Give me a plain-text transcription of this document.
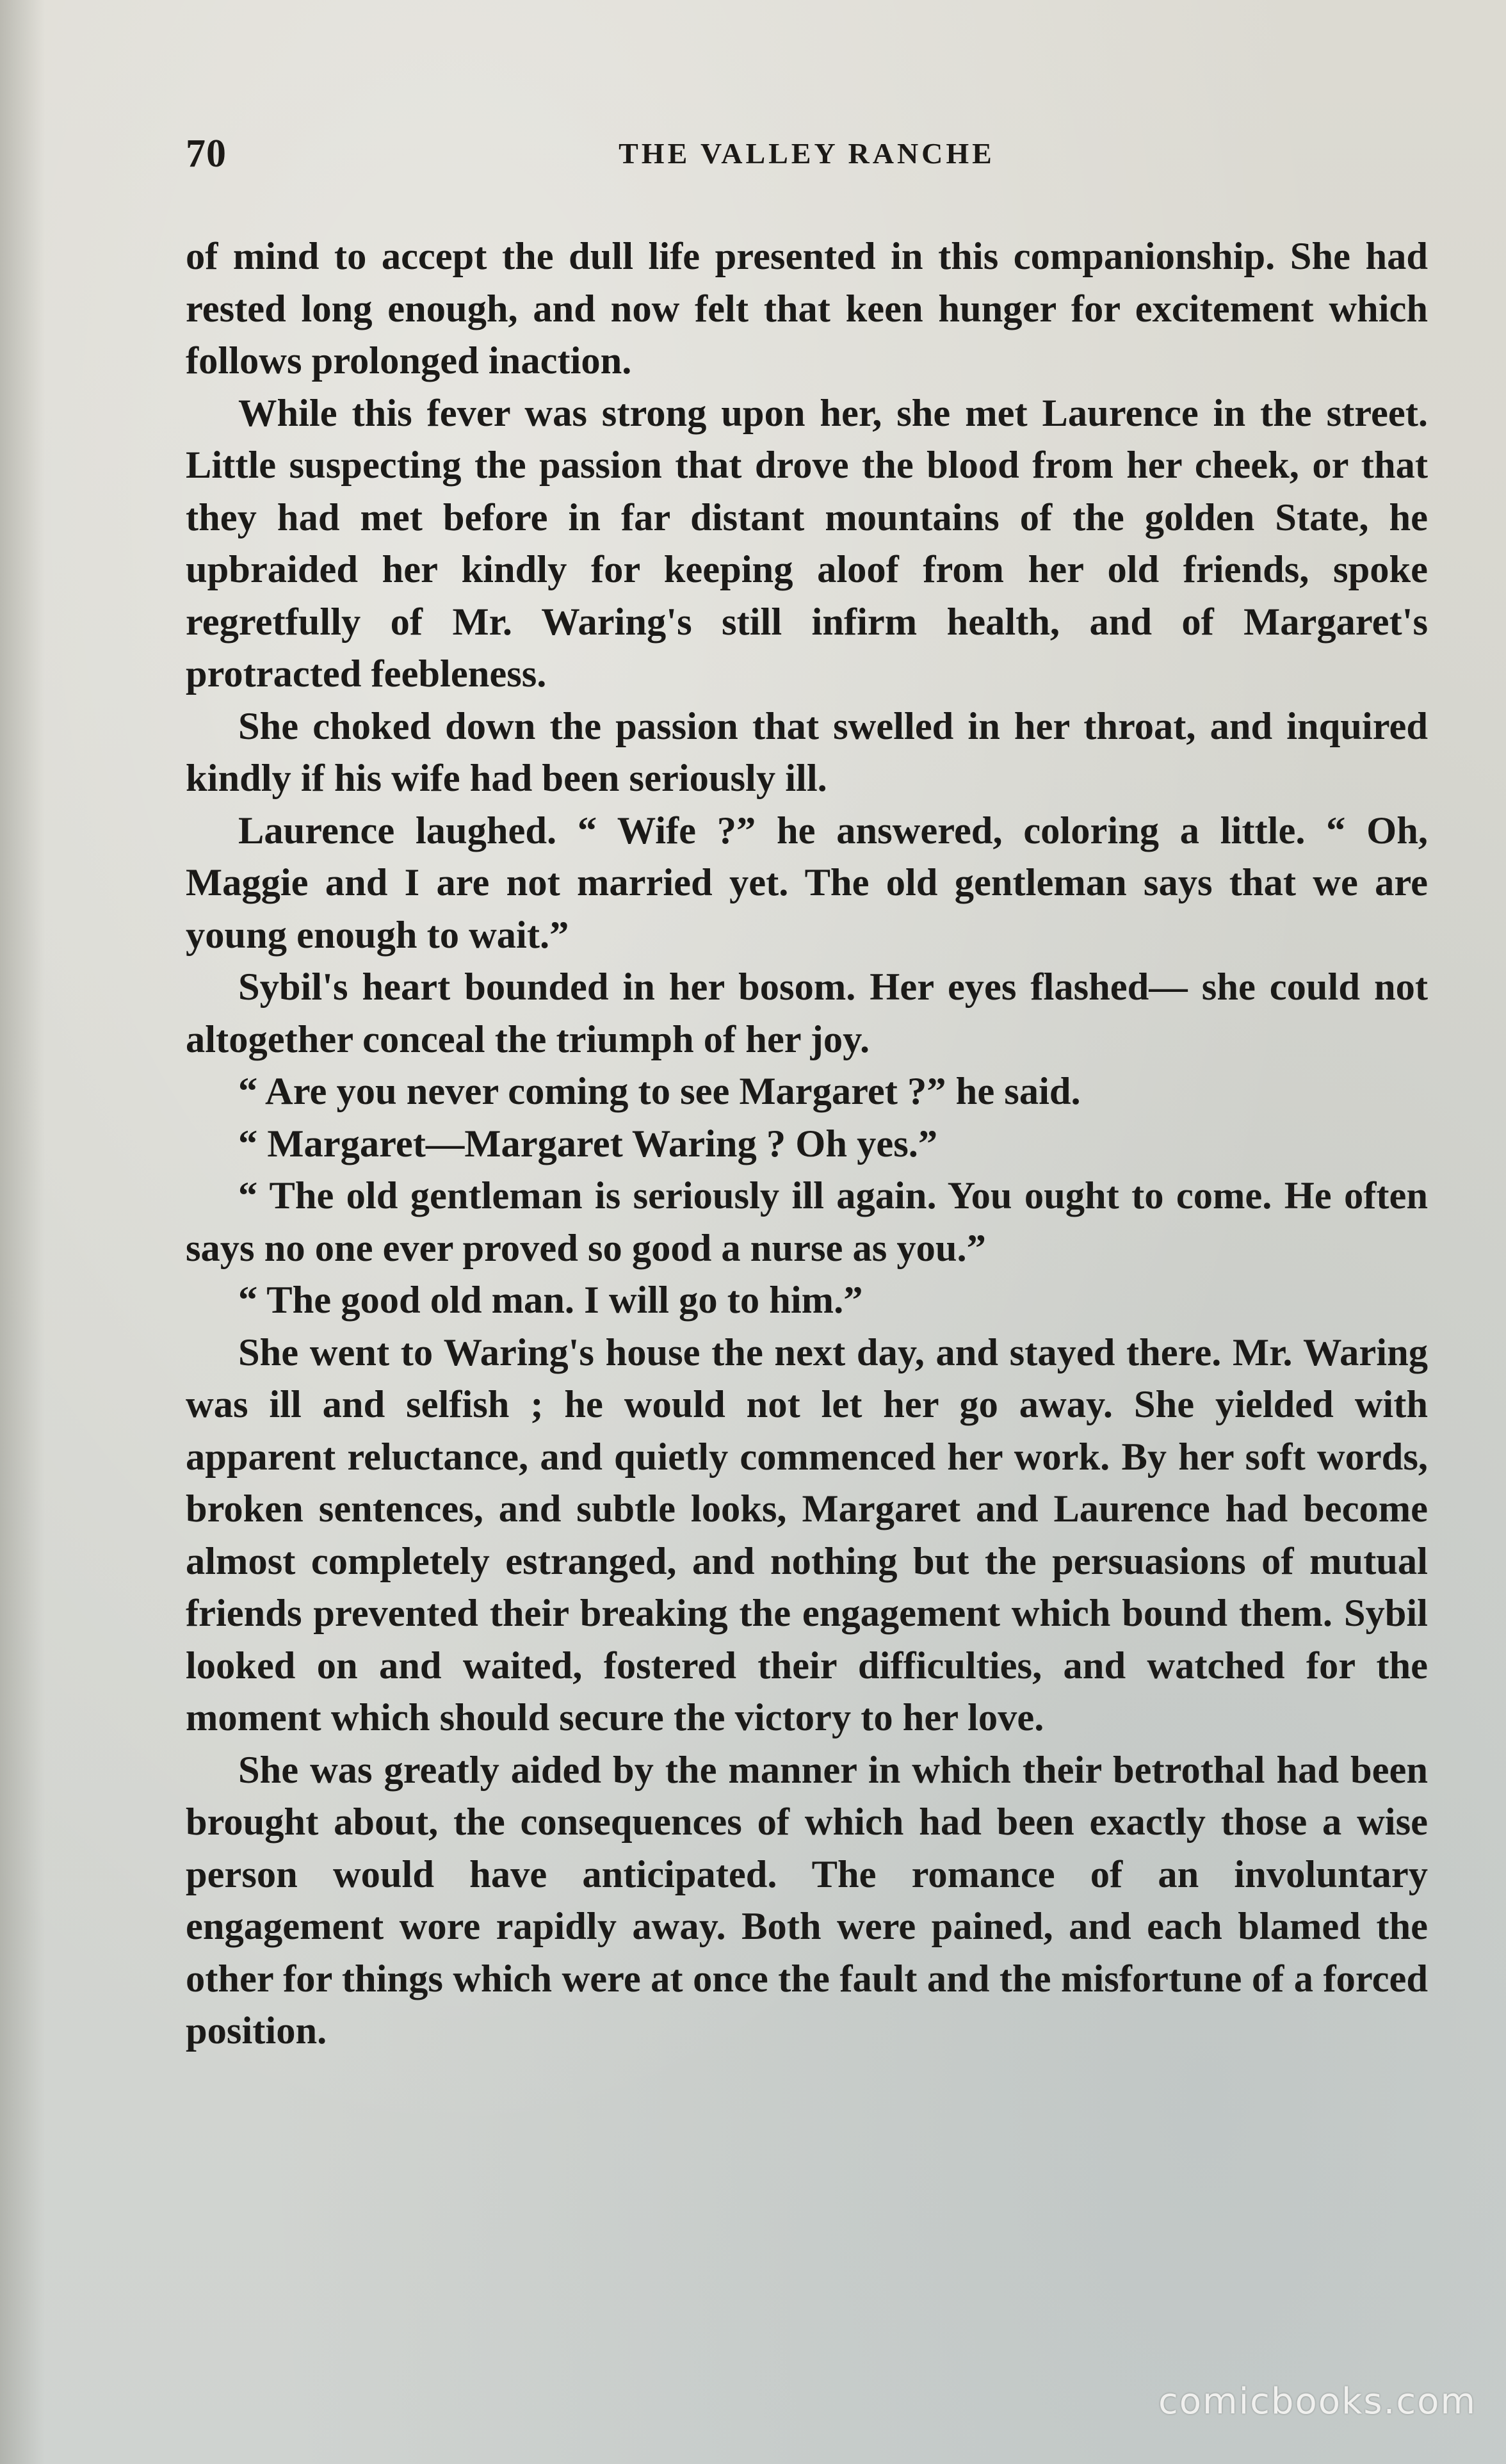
70	THE VALLEY RANCHE

of mind to accept the dull life presented in this companionship. She had rested long enough, and now felt that keen hunger for excitement which follows prolonged inaction.

While this fever was strong upon her, she met Laurence in the street. Little suspecting the passion that drove the blood from her cheek, or that they had met before in far distant mountains of the golden State, he upbraided her kindly for keeping aloof from her old friends, spoke regretfully of Mr. Waring's still infirm health, and of Margaret's protracted feebleness.

She choked down the passion that swelled in her throat, and inquired kindly if his wife had been seriously ill.

Laurence laughed. “ Wife ?” he answered, coloring a little. “ Oh, Maggie and I are not married yet. The old gentleman says that we are young enough to wait.”

Sybil's heart bounded in her bosom. Her eyes flashed— she could not altogether conceal the triumph of her joy.

“ Are you never coming to see Margaret ?” he said.

“ Margaret—Margaret Waring ? Oh yes.”

“ The old gentleman is seriously ill again. You ought to come. He often says no one ever proved so good a nurse as you.”

“ The good old man. I will go to him.”

She went to Waring's house the next day, and stayed there. Mr. Waring was ill and selfish ; he would not let her go away. She yielded with apparent reluctance, and quietly commenced her work. By her soft words, broken sentences, and subtle looks, Margaret and Laurence had become almost completely estranged, and nothing but the persuasions of mutual friends prevented their breaking the engagement which bound them. Sybil looked on and waited, fostered their difficulties, and watched for the moment which should secure the victory to her love.

She was greatly aided by the manner in which their betrothal had been brought about, the consequences of which had been exactly those a wise person would have anticipated. The romance of an involuntary engagement wore rapidly away. Both were pained, and each blamed the other for things which were at once the fault and the misfortune of a forced position.

comicbooks.com
